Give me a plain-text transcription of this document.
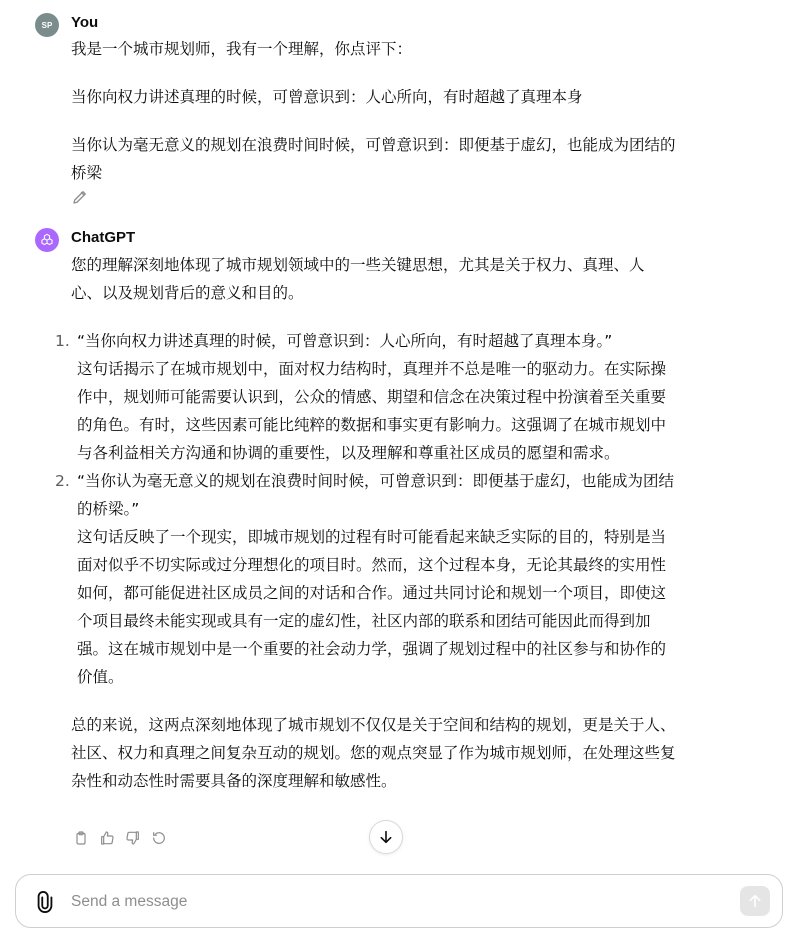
SP You

我是一个城市规划师，我有一个理解，你点评下：

当你向权力讲述真理的时候，可曾意识到：人心所向，有时超越了真理本身

当你认为毫无意义的规划在浪费时间时候，可曾意识到：即便基于虚幻，也能成为团结的桥梁

ChatGPT

您的理解深刻地体现了城市规划领域中的一些关键思想，尤其是关于权力、真理、人心、以及规划背后的意义和目的。

1. “当你向权力讲述真理的时候，可曾意识到：人心所向，有时超越了真理本身。”
这句话揭示了在城市规划中，面对权力结构时，真理并不总是唯一的驱动力。在实际操作中，规划师可能需要认识到，公众的情感、期望和信念在决策过程中扮演着至关重要的角色。有时，这些因素可能比纯粹的数据和事实更有影响力。这强调了在城市规划中与各利益相关方沟通和协调的重要性，以及理解和尊重社区成员的愿望和需求。
2. “当你认为毫无意义的规划在浪费时间时候，可曾意识到：即便基于虚幻，也能成为团结的桥梁。”
这句话反映了一个现实，即城市规划的过程有时可能看起来缺乏实际的目的，特别是当面对似乎不切实际或过分理想化的项目时。然而，这个过程本身，无论其最终的实用性如何，都可能促进社区成员之间的对话和合作。通过共同讨论和规划一个项目，即使这个项目最终未能实现或具有一定的虚幻性，社区内部的联系和团结可能因此而得到加强。这在城市规划中是一个重要的社会动力学，强调了规划过程中的社区参与和协作的价值。

总的来说，这两点深刻地体现了城市规划不仅仅是关于空间和结构的规划，更是关于人、社区、权力和真理之间复杂互动的规划。您的观点突显了作为城市规划师，在处理这些复杂性和动态性时需要具备的深度理解和敏感性。

Send a message
